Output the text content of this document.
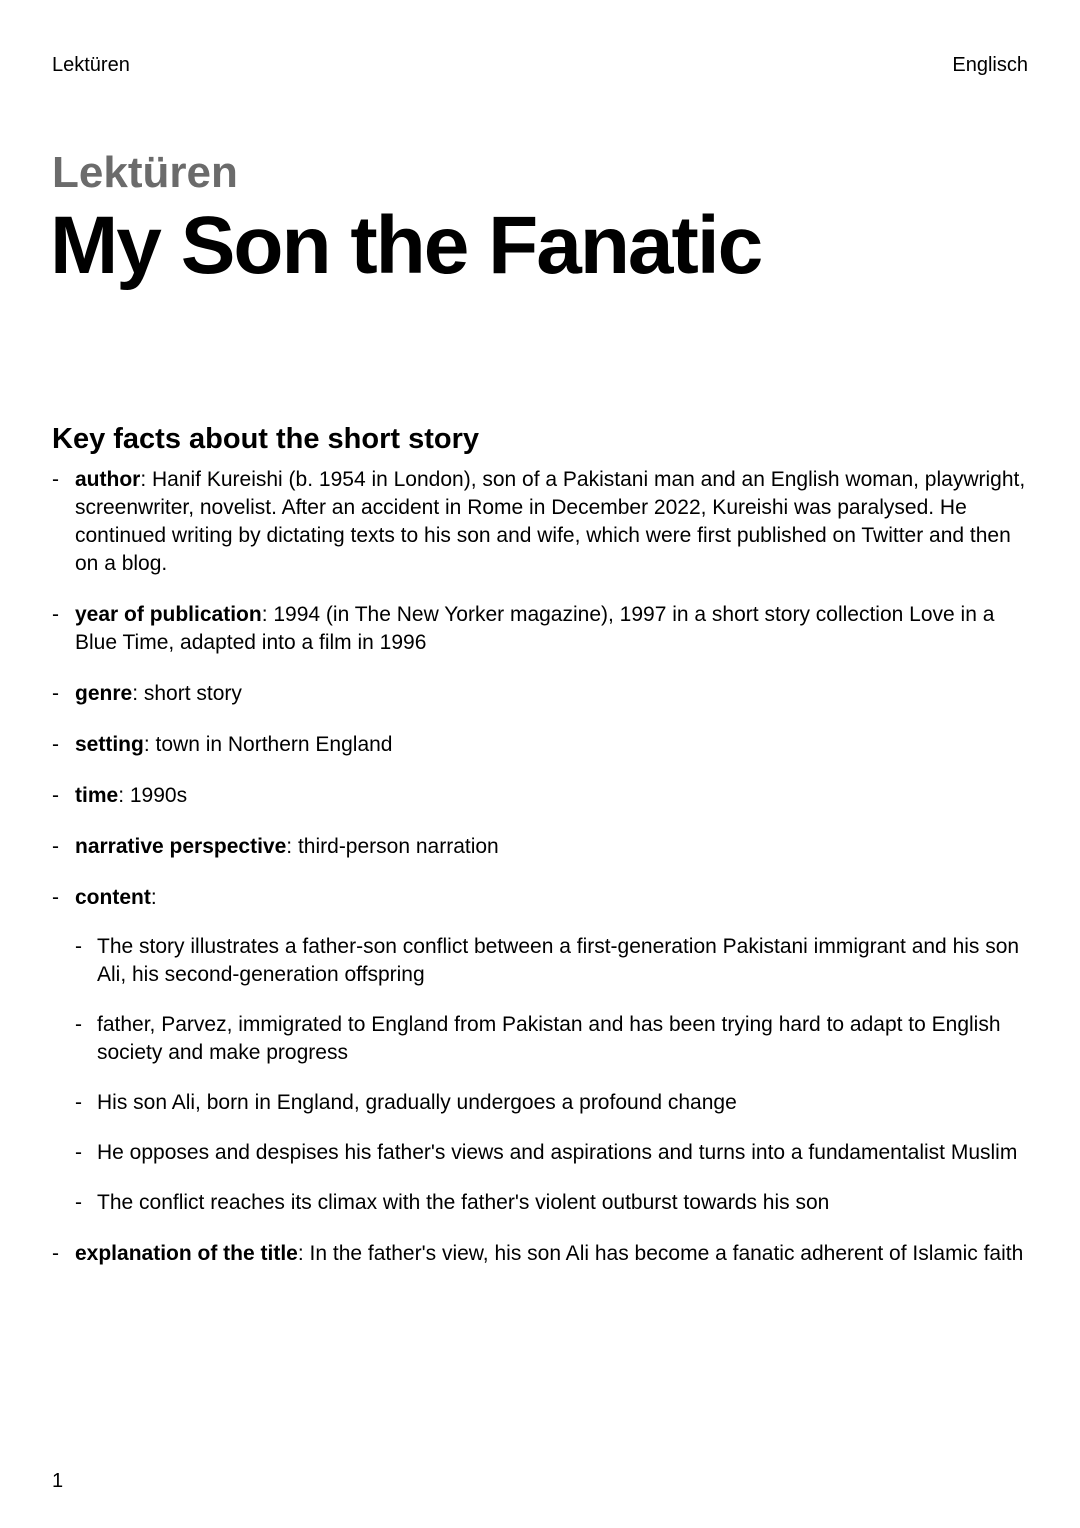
Lektüren	Englisch
Lektüren
My Son the Fanatic
Key facts about the short story
- author: Hanif Kureishi (b. 1954 in London), son of a Pakistani man and an English woman, playwright, screenwriter, novelist. After an accident in Rome in December 2022, Kureishi was paralysed. He continued writing by dictating texts to his son and wife, which were first published on Twitter and then on a blog.
- year of publication: 1994 (in The New Yorker magazine), 1997 in a short story collection Love in a Blue Time, adapted into a film in 1996
- genre: short story
- setting: town in Northern England
- time: 1990s
- narrative perspective: third-person narration
- content:
- The story illustrates a father-son conflict between a first-generation Pakistani immigrant and his son Ali, his second-generation offspring
- father, Parvez, immigrated to England from Pakistan and has been trying hard to adapt to English society and make progress
- His son Ali, born in England, gradually undergoes a profound change
- He opposes and despises his father's views and aspirations and turns into a fundamentalist Muslim
- The conflict reaches its climax with the father's violent outburst towards his son
- explanation of the title: In the father's view, his son Ali has become a fanatic adherent of Islamic faith
1
